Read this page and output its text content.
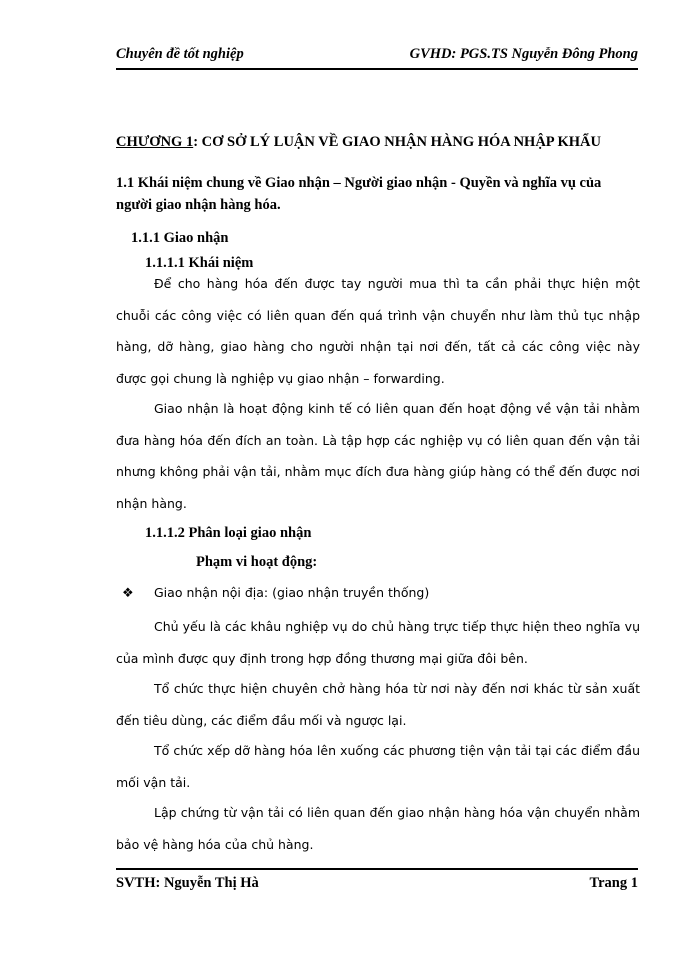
Chuyên đề tốt nghiệp	GVHD: PGS.TS Nguyễn Đông Phong
CHƯƠNG 1: CƠ SỞ LÝ LUẬN VỀ GIAO NHẬN HÀNG HÓA NHẬP KHẨU
1.1 Khái niệm chung về Giao nhận – Người giao nhận - Quyền và nghĩa vụ của người giao nhận hàng hóa.
1.1.1 Giao nhận
1.1.1.1 Khái niệm
Để cho hàng hóa đến được tay người mua thì ta cần phải thực hiện một chuỗi các công việc có liên quan đến quá trình vận chuyển như làm thủ tục nhập hàng, dỡ hàng, giao hàng cho người nhận tại nơi đến, tất cả các công việc này được gọi chung là nghiệp vụ giao nhận – forwarding.
Giao nhận là hoạt động kinh tế có liên quan đến hoạt động về vận tải nhằm đưa hàng hóa đến đích an toàn. Là tập hợp các nghiệp vụ có liên quan đến vận tải nhưng không phải vận tải, nhằm mục đích đưa hàng giúp hàng có thể đến được nơi nhận hàng.
1.1.1.2 Phân loại giao nhận
Phạm vi hoạt động:
❖ Giao nhận nội địa: (giao nhận truyền thống)
Chủ yếu là các khâu nghiệp vụ do chủ hàng trực tiếp thực hiện theo nghĩa vụ của mình được quy định trong hợp đồng thương mại giữa đôi bên.
Tổ chức thực hiện chuyên chở hàng hóa từ nơi này đến nơi khác từ sản xuất đến tiêu dùng, các điểm đầu mối và ngược lại.
Tổ chức xếp dỡ hàng hóa lên xuống các phương tiện vận tải tại các điểm đầu mối vận tải.
Lập chứng từ vận tải có liên quan đến giao nhận hàng hóa vận chuyển nhằm bảo vệ hàng hóa của chủ hàng.
SVTH: Nguyễn Thị Hà	Trang 1
